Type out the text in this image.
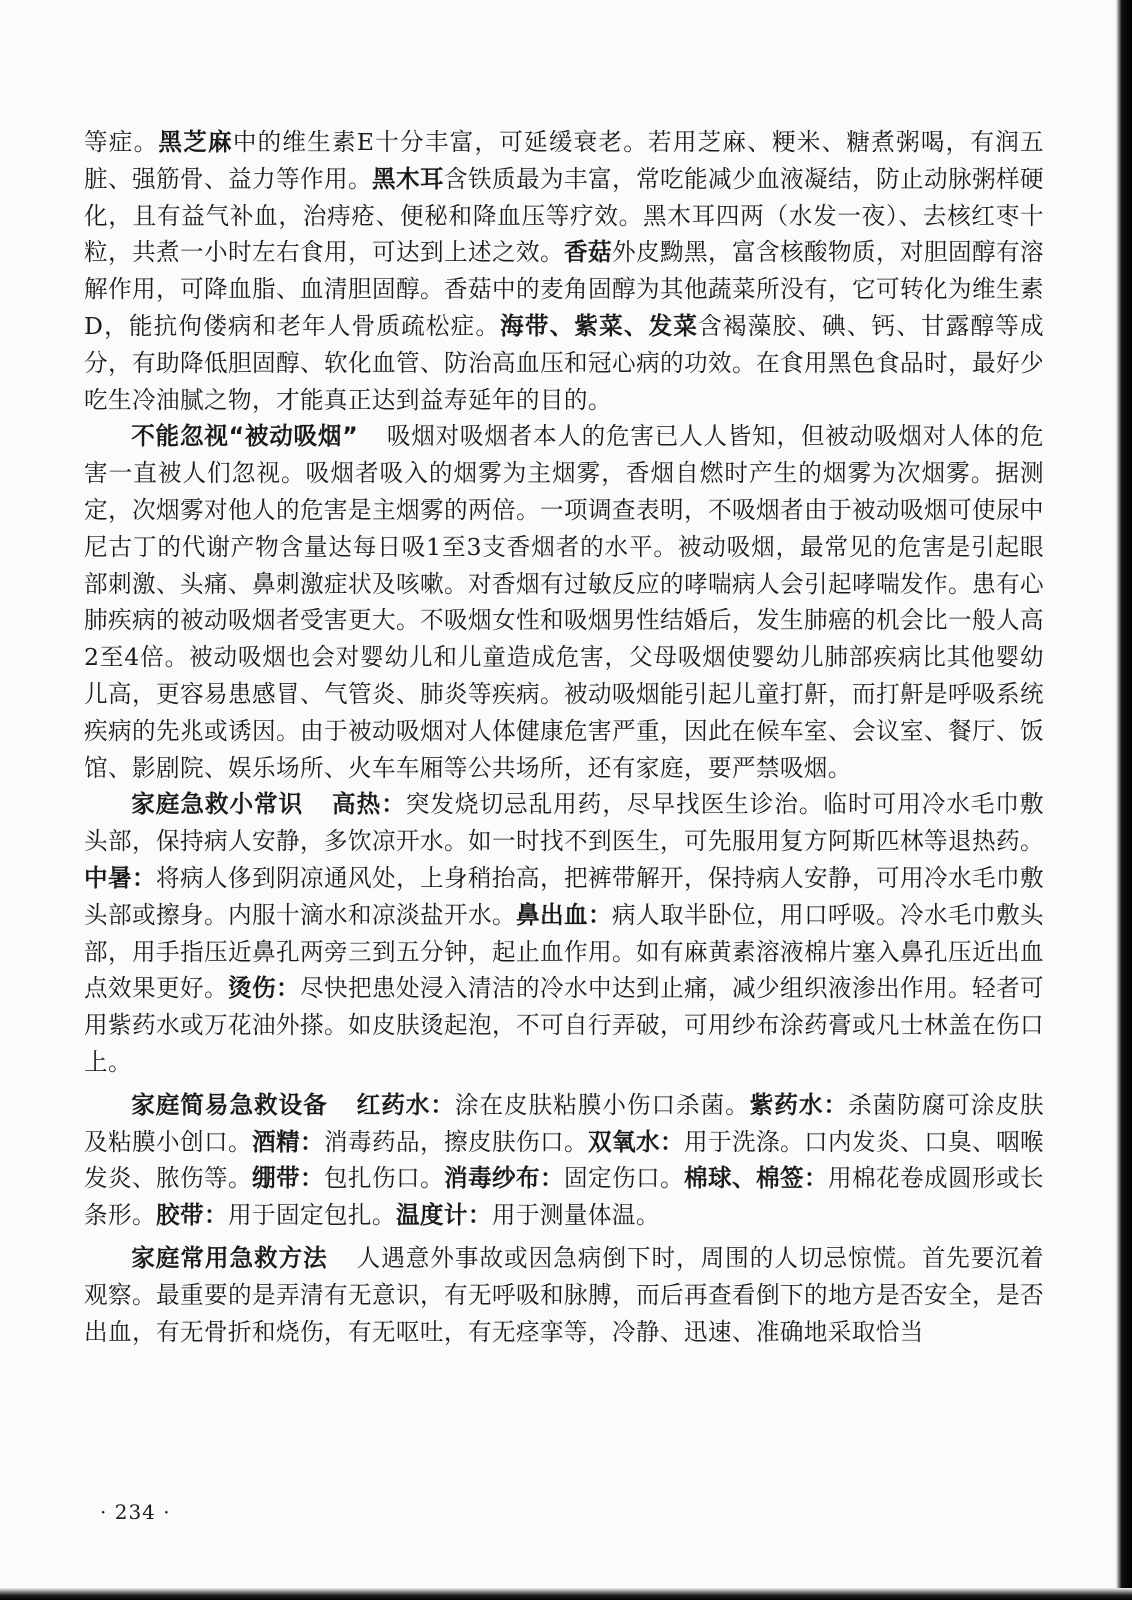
等症。黑芝麻中的维生素E十分丰富，可延缓衰老。若用芝麻、粳米、糖煮粥喝，有润五脏、强筋骨、益力等作用。黑木耳含铁质最为丰富，常吃能减少血液凝结，防止动脉粥样硬化，且有益气补血，治痔疮、便秘和降血压等疗效。黑木耳四两（水发一夜）、去核红枣十粒，共煮一小时左右食用，可达到上述之效。香菇外皮黝黑，富含核酸物质，对胆固醇有溶解作用，可降血脂、血清胆固醇。香菇中的麦角固醇为其他蔬菜所没有，它可转化为维生素D，能抗佝偻病和老年人骨质疏松症。海带、紫菜、发菜含褐藻胶、碘、钙、甘露醇等成分，有助降低胆固醇、软化血管、防治高血压和冠心病的功效。在食用黑色食品时，最好少吃生冷油腻之物，才能真正达到益寿延年的目的。

不能忽视“被动吸烟” 吸烟对吸烟者本人的危害已人人皆知，但被动吸烟对人体的危害一直被人们忽视。吸烟者吸入的烟雾为主烟雾，香烟自燃时产生的烟雾为次烟雾。据测定，次烟雾对他人的危害是主烟雾的两倍。一项调查表明，不吸烟者由于被动吸烟可使尿中尼古丁的代谢产物含量达每日吸1至3支香烟者的水平。被动吸烟，最常见的危害是引起眼部刺激、头痛、鼻刺激症状及咳嗽。对香烟有过敏反应的哮喘病人会引起哮喘发作。患有心肺疾病的被动吸烟者受害更大。不吸烟女性和吸烟男性结婚后，发生肺癌的机会比一般人高2至4倍。被动吸烟也会对婴幼儿和儿童造成危害，父母吸烟使婴幼儿肺部疾病比其他婴幼儿高，更容易患感冒、气管炎、肺炎等疾病。被动吸烟能引起儿童打鼾，而打鼾是呼吸系统疾病的先兆或诱因。由于被动吸烟对人体健康危害严重，因此在候车室、会议室、餐厅、饭馆、影剧院、娱乐场所、火车车厢等公共场所，还有家庭，要严禁吸烟。

家庭急救小常识 高热：突发烧切忌乱用药，尽早找医生诊治。临时可用冷水毛巾敷头部，保持病人安静，多饮凉开水。如一时找不到医生，可先服用复方阿斯匹林等退热药。中暑：将病人侈到阴凉通风处，上身稍抬高，把裤带解开，保持病人安静，可用冷水毛巾敷头部或擦身。内服十滴水和凉淡盐开水。鼻出血：病人取半卧位，用口呼吸。冷水毛巾敷头部，用手指压近鼻孔两旁三到五分钟，起止血作用。如有麻黄素溶液棉片塞入鼻孔压近出血点效果更好。烫伤：尽快把患处浸入清洁的冷水中达到止痛，减少组织液渗出作用。轻者可用紫药水或万花油外搽。如皮肤烫起泡，不可自行弄破，可用纱布涂药膏或凡士林盖在伤口上。

家庭简易急救设备 红药水：涂在皮肤粘膜小伤口杀菌。紫药水：杀菌防腐可涂皮肤及粘膜小创口。酒精：消毒药品，擦皮肤伤口。双氧水：用于洗涤。口内发炎、口臭、咽喉发炎、脓伤等。绷带：包扎伤口。消毒纱布：固定伤口。棉球、棉签：用棉花卷成圆形或长条形。胶带：用于固定包扎。温度计：用于测量体温。

家庭常用急救方法 人遇意外事故或因急病倒下时，周围的人切忌惊慌。首先要沉着观察。最重要的是弄清有无意识，有无呼吸和脉膊，而后再查看倒下的地方是否安全，是否出血，有无骨折和烧伤，有无呕吐，有无痉挛等，冷静、迅速、准确地采取恰当

· 234 ·
